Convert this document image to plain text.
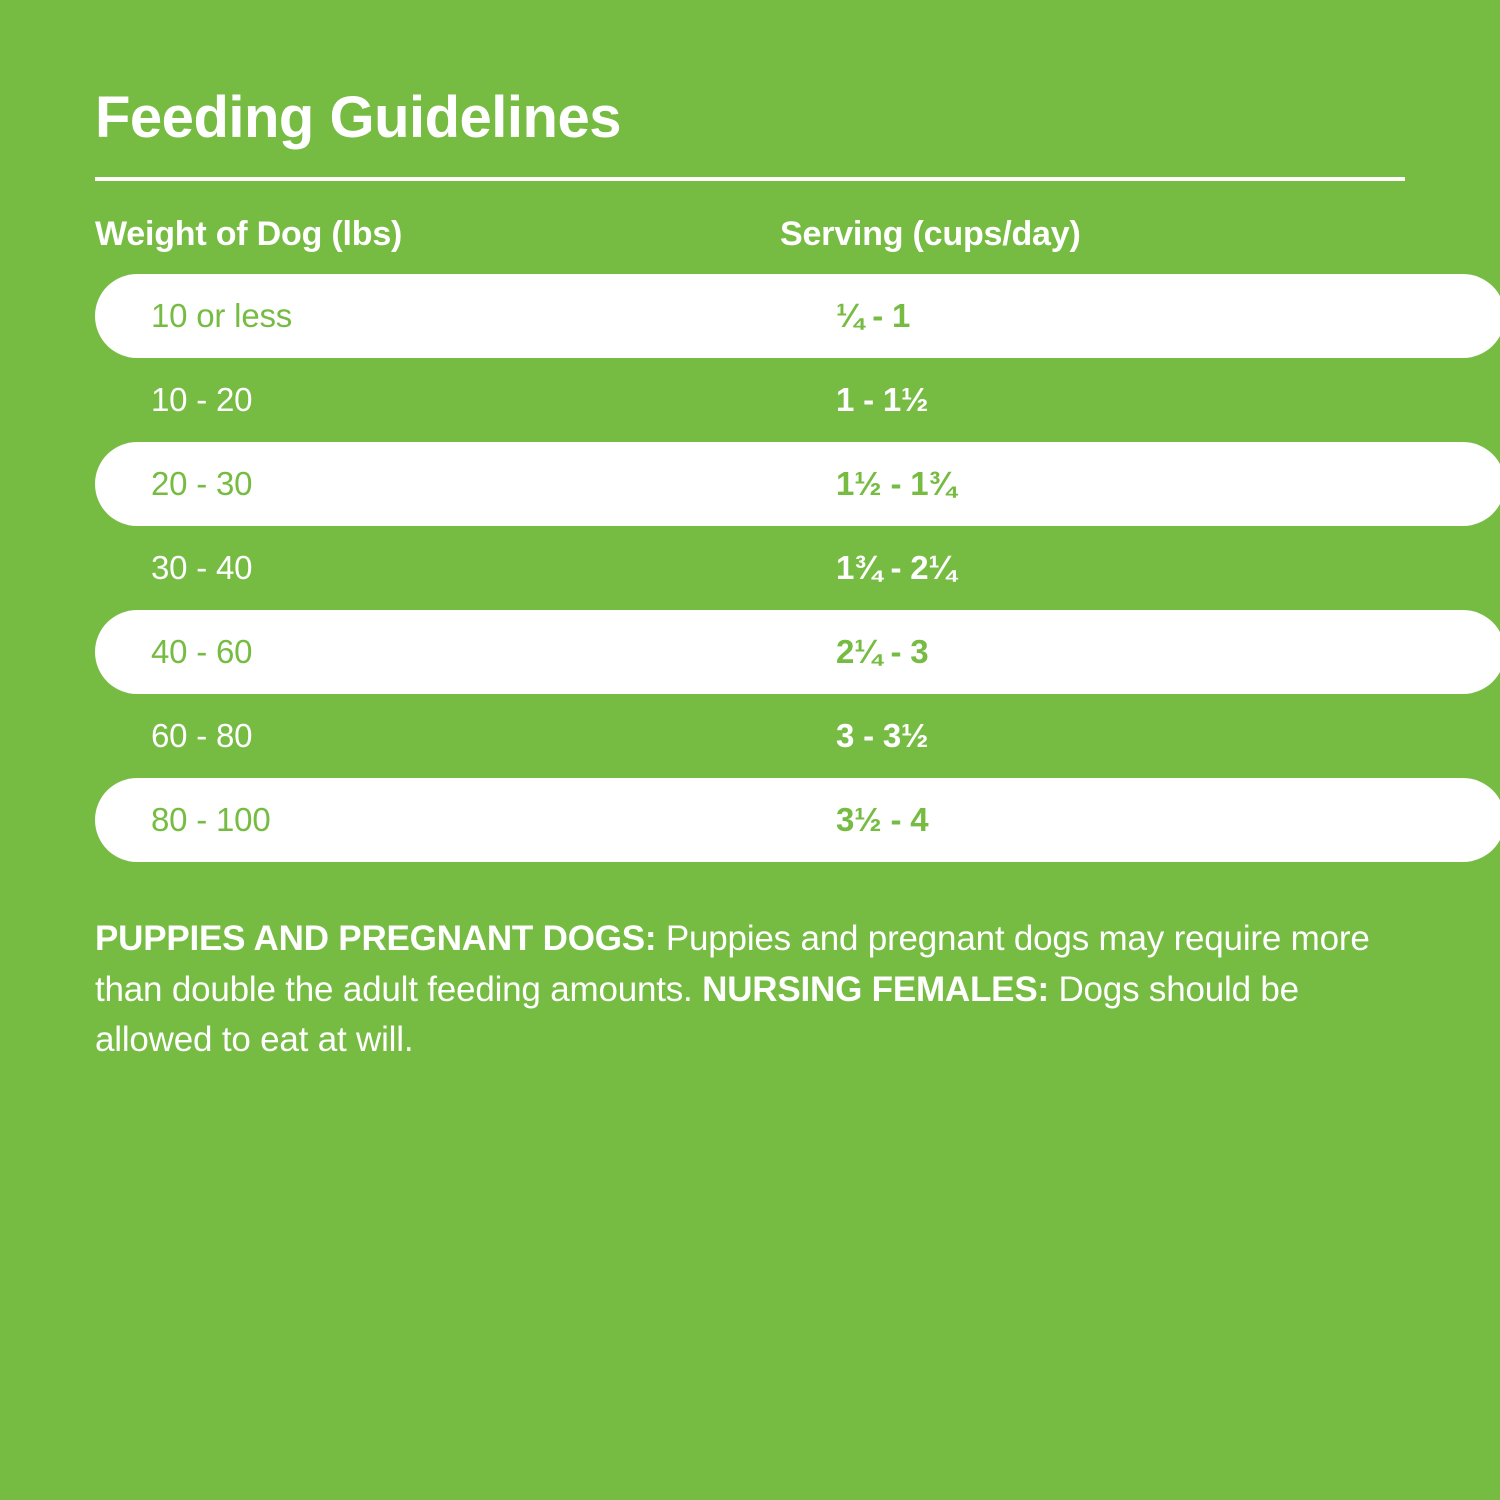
Feeding Guidelines
Weight of Dog (lbs)	Serving (cups/day)
10 or less	¼ - 1
10 - 20	1 - 1½
20 - 30	1½ - 1¾
30 - 40	1¾ - 2¼
40 - 60	2¼ - 3
60 - 80	3 - 3½
80 - 100	3½ - 4

PUPPIES AND PREGNANT DOGS: Puppies and pregnant dogs may require more than double the adult feeding amounts. NURSING FEMALES: Dogs should be allowed to eat at will.
